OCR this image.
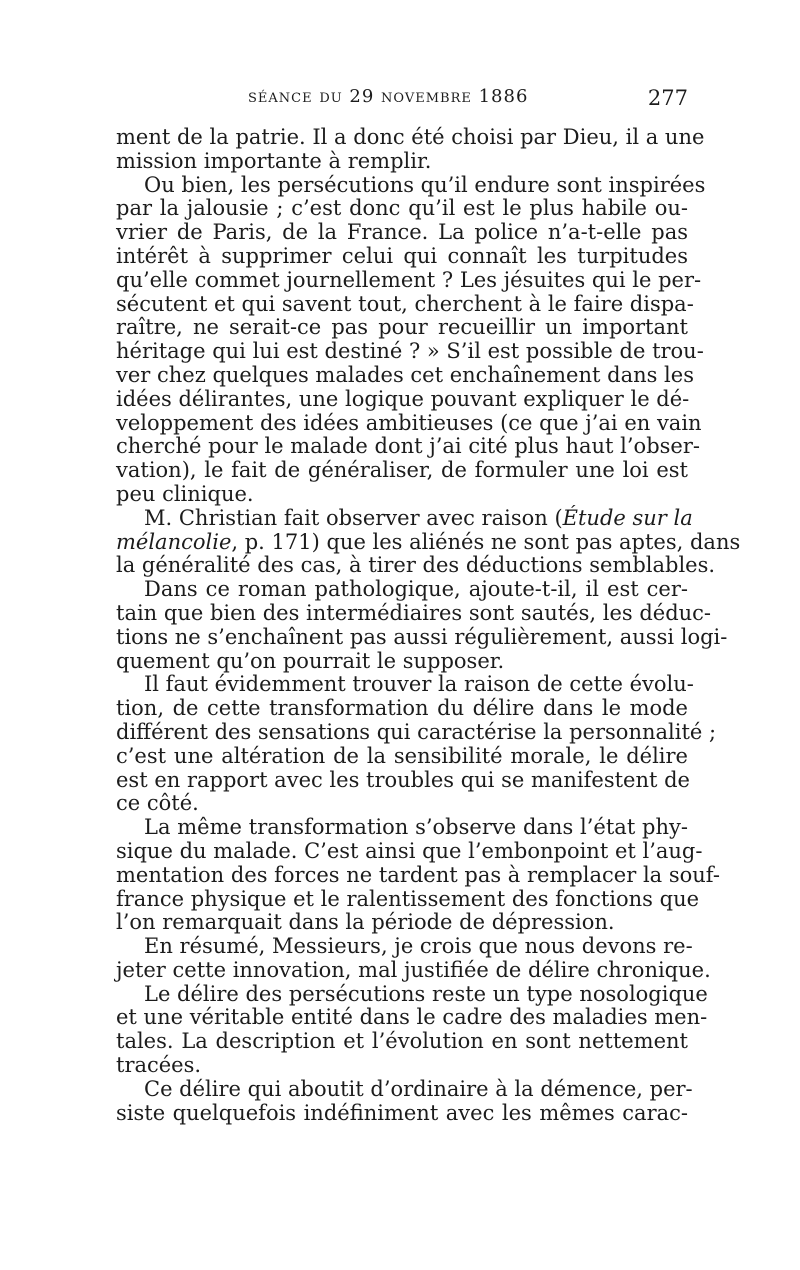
séance du 29 novembre 1886	277
ment de la patrie. Il a donc été choisi par Dieu, il a une
mission importante à remplir.
Ou bien, les persécutions qu’il endure sont inspirées
par la jalousie ; c’est donc qu’il est le plus habile ou-
vrier de Paris, de la France. La police n’a-t-elle pas
intérêt à supprimer celui qui connaît les turpitudes
qu’elle commet journellement ? Les jésuites qui le per-
sécutent et qui savent tout, cherchent à le faire dispa-
raître, ne serait-ce pas pour recueillir un important
héritage qui lui est destiné ? » S’il est possible de trou-
ver chez quelques malades cet enchaînement dans les
idées délirantes, une logique pouvant expliquer le dé-
veloppement des idées ambitieuses (ce que j’ai en vain
cherché pour le malade dont j’ai cité plus haut l’obser-
vation), le fait de généraliser, de formuler une loi est
peu clinique.
M. Christian fait observer avec raison (Étude sur la
mélancolie, p. 171) que les aliénés ne sont pas aptes, dans
la généralité des cas, à tirer des déductions semblables.
Dans ce roman pathologique, ajoute-t-il, il est cer-
tain que bien des intermédiaires sont sautés, les déduc-
tions ne s’enchaînent pas aussi régulièrement, aussi logi-
quement qu’on pourrait le supposer.
Il faut évidemment trouver la raison de cette évolu-
tion, de cette transformation du délire dans le mode
différent des sensations qui caractérise la personnalité ;
c’est une altération de la sensibilité morale, le délire
est en rapport avec les troubles qui se manifestent de
ce côté.
La même transformation s’observe dans l’état phy-
sique du malade. C’est ainsi que l’embonpoint et l’aug-
mentation des forces ne tardent pas à remplacer la souf-
france physique et le ralentissement des fonctions que
l’on remarquait dans la période de dépression.
En résumé, Messieurs, je crois que nous devons re-
jeter cette innovation, mal justifiée de délire chronique.
Le délire des persécutions reste un type nosologique
et une véritable entité dans le cadre des maladies men-
tales. La description et l’évolution en sont nettement
tracées.
Ce délire qui aboutit d’ordinaire à la démence, per-
siste quelquefois indéfiniment avec les mêmes carac-
